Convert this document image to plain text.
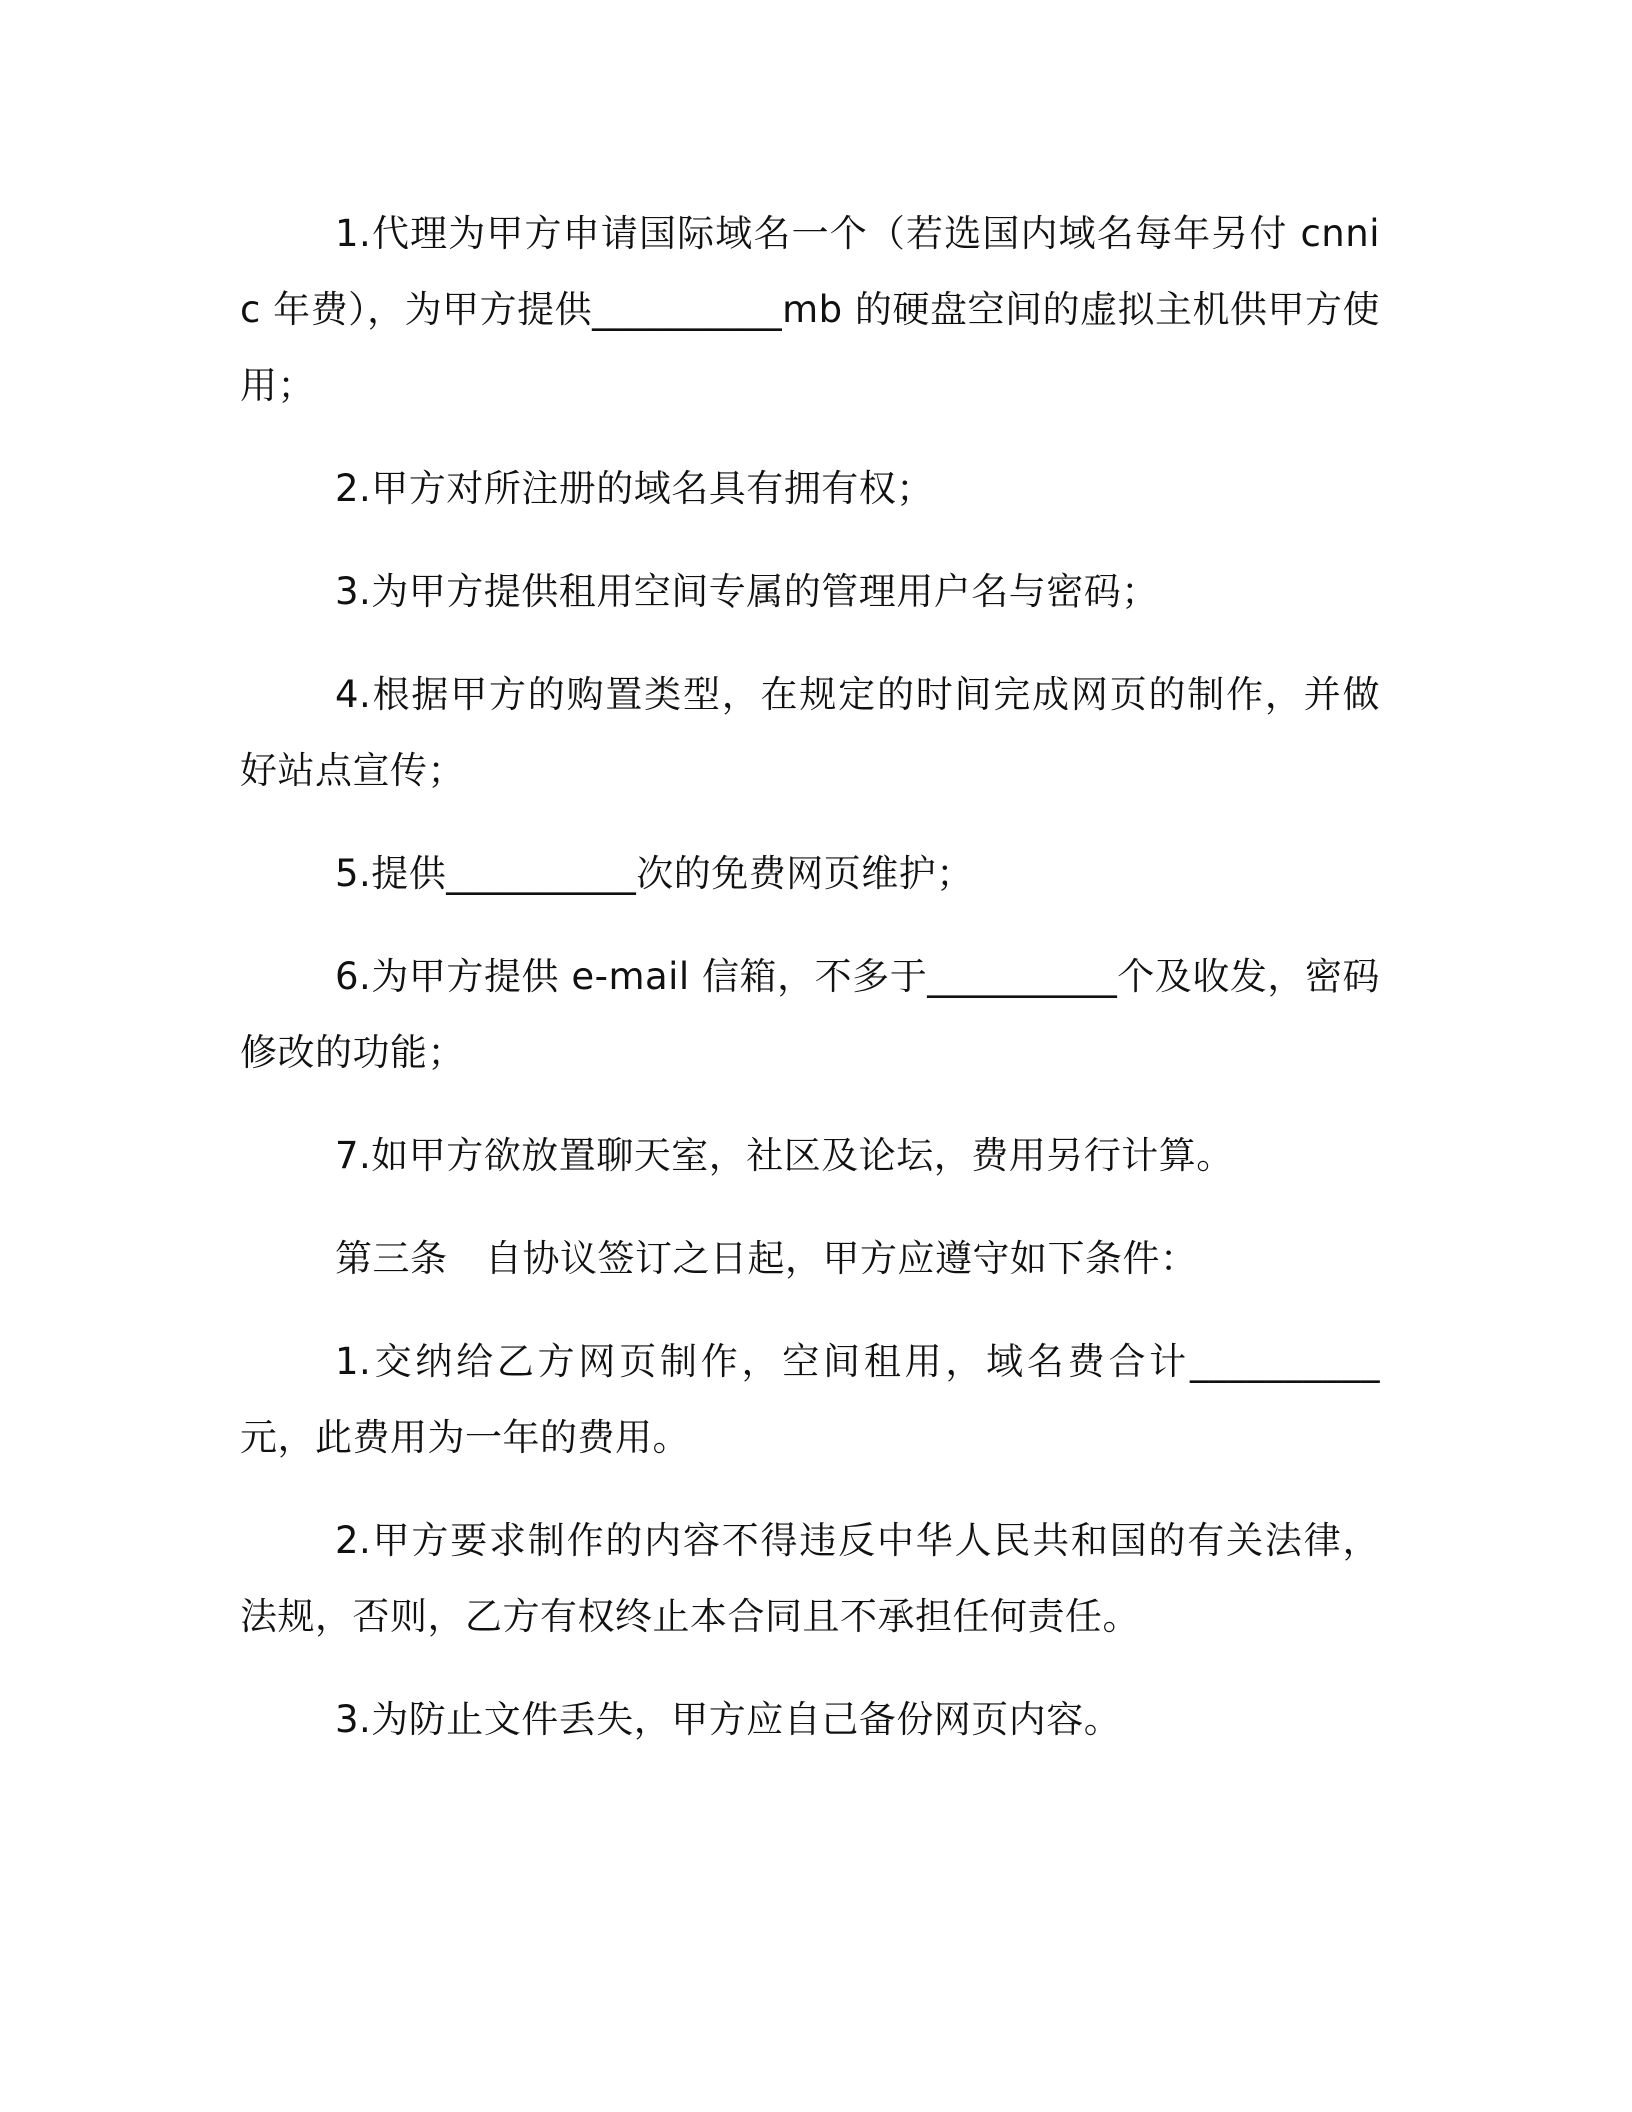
1.代理为甲方申请国际域名一个（若选国内域名每年另付 cnnic 年费），为甲方提供__________mb 的硬盘空间的虚拟主机供甲方使用；

2.甲方对所注册的域名具有拥有权；

3.为甲方提供租用空间专属的管理用户名与密码；

4.根据甲方的购置类型，在规定的时间完成网页的制作，并做好站点宣传；

5.提供__________次的免费网页维护；

6.为甲方提供 e-mail 信箱，不多于__________个及收发，密码修改的功能；

7.如甲方欲放置聊天室，社区及论坛，费用另行计算。

第三条　自协议签订之日起，甲方应遵守如下条件：

1.交纳给乙方网页制作，空间租用，域名费合计__________元，此费用为一年的费用。

2.甲方要求制作的内容不得违反中华人民共和国的有关法律，法规，否则，乙方有权终止本合同且不承担任何责任。

3.为防止文件丢失，甲方应自己备份网页内容。
